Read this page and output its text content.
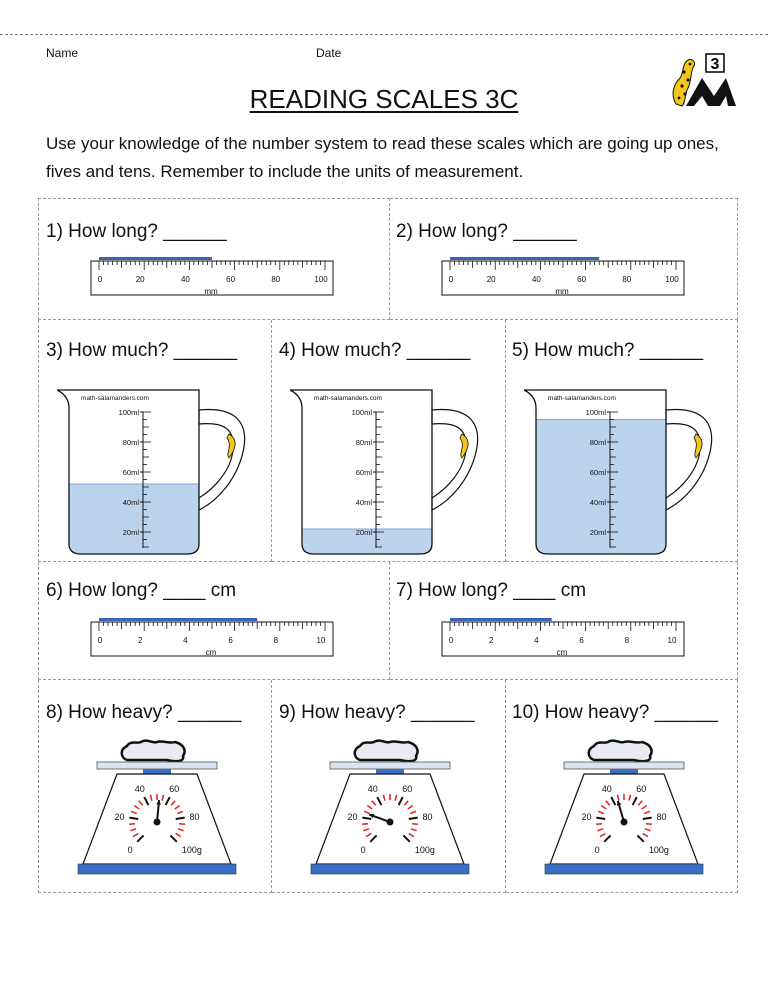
Name	Date
READING SCALES 3C
Use your knowledge of the number system to read these scales which are going up ones, fives and tens. Remember to include the units of measurement.
3
1) How long? ______
0	20	40	60	80	100
mm
2) How long? ______
0	20	40	60	80	100
mm
3) How much? ______
100ml
80ml
60ml
40ml
20ml
math-salamanders.com
4) How much? ______
100ml
80ml
60ml
40ml
20ml
math-salamanders.com
5) How much? ______
100ml
80ml
60ml
40ml
20ml
math-salamanders.com
6) How long? ____ cm
0	2	4	6	8	10
cm
7) How long? ____ cm
0	2	4	6	8	10
cm
8) How heavy? ______
0
20
40	60
80
100g
9) How heavy? ______
0
20
40	60
80
100g
10) How heavy? ______
0
20
40	60
80
100g
